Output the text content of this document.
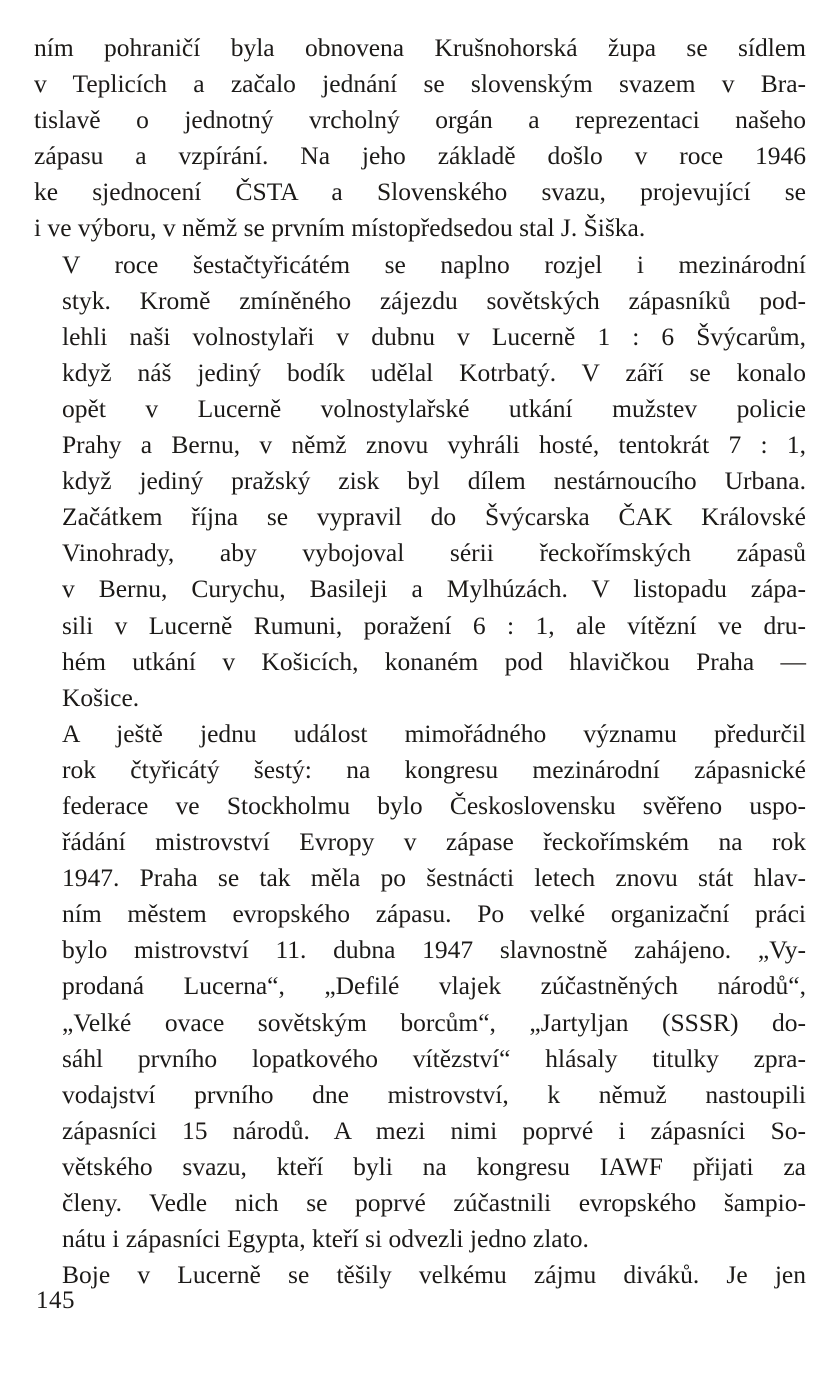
ním pohraničí byla obnovena Krušnohorská župa se sídlem
v Teplicích a začalo jednání se slovenským svazem v Bra-
tislavě o jednotný vrcholný orgán a reprezentaci našeho
zápasu a vzpírání. Na jeho základě došlo v roce 1946
ke sjednocení ČSTA a Slovenského svazu, projevující se
i ve výboru, v němž se prvním místopředsedou stal J. Šiška.

V roce šestačtyřicátém se naplno rozjel i mezinárodní
styk. Kromě zmíněného zájezdu sovětských zápasníků pod-
lehli naši volnostylaři v dubnu v Lucerně 1 : 6 Švýcarům,
když náš jediný bodík udělal Kotrbatý. V září se konalo
opět v Lucerně volnostylařské utkání mužstev policie
Prahy a Bernu, v němž znovu vyhráli hosté, tentokrát 7 : 1,
když jediný pražský zisk byl dílem nestárnoucího Urbana.
Začátkem října se vypravil do Švýcarska ČAK Královské
Vinohrady, aby vybojoval sérii řeckořímských zápasů
v Bernu, Curychu, Basileji a Mylhúzách. V listopadu zápa-
sili v Lucerně Rumuni, poražení 6 : 1, ale vítězní ve dru-
hém utkání v Košicích, konaném pod hlavičkou Praha —
Košice.

A ještě jednu událost mimořádného významu předurčil
rok čtyřicátý šestý: na kongresu mezinárodní zápasnické
federace ve Stockholmu bylo Československu svěřeno uspo-
řádání mistrovství Evropy v zápase řeckořímském na rok
1947. Praha se tak měla po šestnácti letech znovu stát hlav-
ním městem evropského zápasu. Po velké organizační práci
bylo mistrovství 11. dubna 1947 slavnostně zahájeno. „Vy-
prodaná Lucerna“, „Defilé vlajek zúčastněných národů“,
„Velké ovace sovětským borcům“, „Jartyljan (SSSR) do-
sáhl prvního lopatkového vítězství“ hlásaly titulky zpra-
vodajství prvního dne mistrovství, k němuž nastoupili
zápasníci 15 národů. A mezi nimi poprvé i zápasníci So-
větského svazu, kteří byli na kongresu IAWF přijati za
členy. Vedle nich se poprvé zúčastnili evropského šampio-
nátu i zápasníci Egypta, kteří si odvezli jedno zlato.

Boje v Lucerně se těšily velkému zájmu diváků. Je jen

145
